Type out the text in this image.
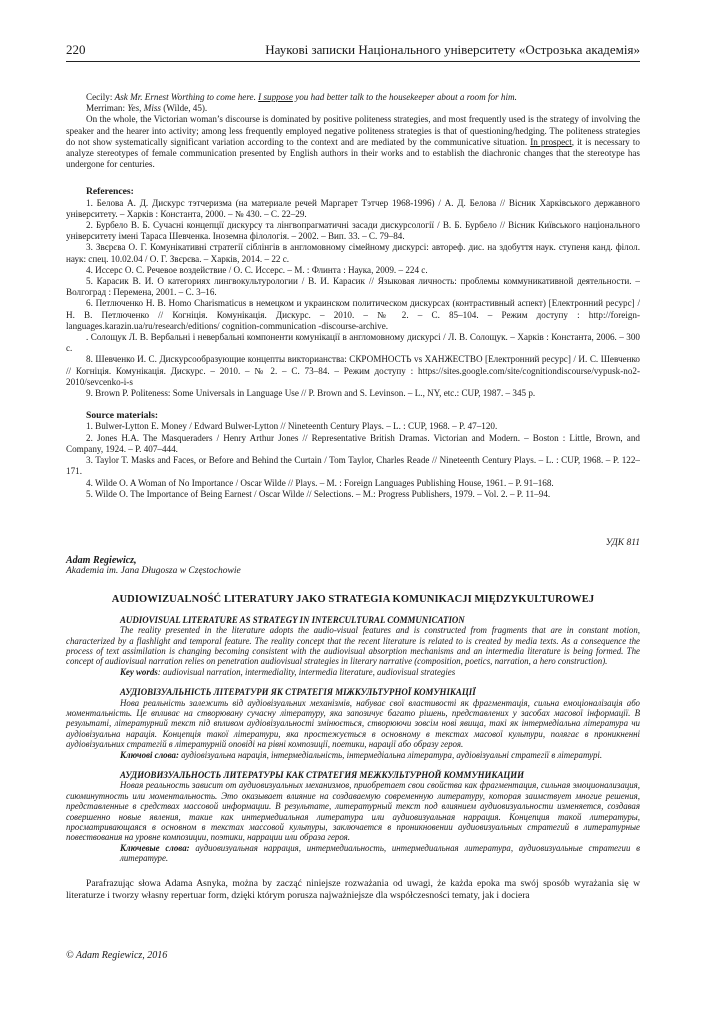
220	Наукові записки Національного університету «Острозька академія»
Cecily: Ask Mr. Ernest Worthing to come here. I suppose you had better talk to the housekeeper about a room for him.
Merriman: Yes, Miss (Wilde, 45).
On the whole, the Victorian woman’s discourse is dominated by positive politeness strategies, and most frequently used is the strategy of involving the speaker and the hearer into activity; among less frequently employed negative politeness strategies is that of questioning/hedging. The politeness strategies do not show systematically significant variation according to the context and are mediated by the communicative situation. In prospect, it is necessary to analyze stereotypes of female communication presented by English authors in their works and to establish the diachronic changes that the stereotype has undergone for centuries.
References:

1. Белова А. Д. Дискурс тэтчеризма (на материале речей Маргарет Тэтчер 1968-1996) / А. Д. Белова // Вісник Харківського державного університету. – Харків : Константа, 2000. – № 430. – С. 22–29.

2. Бурбело В. Б. Сучасні концепції дискурсу та лінгвопрагматичні засади дискурсології / В. Б. Бурбело // Вісник Київського національного університету імені Тараса Шевченка. Іноземна філологія. – 2002. – Вип. 33. – С. 79–84.

3. Звєрєва О. Г. Комунікативні стратегії сіблінгів в англомовному сімейному дискурсі: автореф. дис. на здобуття наук. ступеня канд. філол. наук: спец. 10.02.04 / О. Г. Звєрєва. – Харків, 2014. – 22 с.

4. Иссерс О. С. Речевое воздействие / О. С. Иссерс. – М. : Флинта : Наука, 2009. – 224 с.

5. Карасик В. И. О категориях лингвокультурологии / В. И. Карасик // Языковая личность: проблемы коммуникативной деятельности. – Волгоград : Перемена, 2001. – С. 3–16.

6. Петлюченко Н. В. Homo Charismaticus в немецком и украинском политическом дискурсах (контрастивный аспект) [Електронний ресурс] / Н. В. Петлюченко // Когніція. Комунікація. Дискурс. – 2010. – № 2. – С. 85–104. – Режим доступу : http://foreign-languages.karazin.ua/ru/research/editions/ cognition-communication -discourse-archive.

. Солощук Л. В. Вербальні і невербальні компоненти комунікації в англомовному дискурсі / Л. В. Солощук. – Харків : Константа, 2006. – 300 с.

8. Шевченко И. С. Дискурсообразующие концепты викторианства: СКРОМНОСТЬ vs ХАНЖЕСТВО [Електронний ресурс] / И. С. Шевченко // Когніція. Комунікація. Дискурс. – 2010. – № 2. – С. 73–84. – Режим доступу : https://sites.google.com/site/cognitiondiscourse/vypusk-no2-2010/sevcenko-i-s

9. Brown P. Politeness: Some Universals in Language Use // P. Brown and S. Levinson. – L., NY, etc.: CUP, 1987. – 345 p.

Source materials:

1. Bulwer-Lytton E. Money / Edward Bulwer-Lytton // Nineteenth Century Plays. – L. : CUP, 1968. – P. 47–120.

2. Jones H.A. The Masqueraders / Henry Arthur Jones // Representative British Dramas. Victorian and Modern. – Boston : Little, Brown, and Company, 1924. – P. 407–444.

3. Taylor T. Masks and Faces, or Before and Behind the Curtain / Tom Taylor, Charles Reade // Nineteenth Century Plays. – L. : CUP, 1968. – P. 122–171.

4. Wilde O. A Woman of No Importance / Oscar Wilde // Plays. – M. : Foreign Languages Publishing House, 1961. – P. 91–168.

5. Wilde O. The Importance of Being Earnest / Oscar Wilde // Selections. – M.: Progress Publishers, 1979. – Vol. 2. – P. 11–94.

УДК 811
Adam Regiewicz,
Akademia im. Jana Długosza w Częstochowie
AUDIOWIZUALNOŚĆ LITERATURY JAKO STRATEGIA KOMUNIKACJI MIĘDZYKULTUROWEJ
AUDIOVISUAL LITERATURE AS STRATEGY IN INTERCULTURAL COMMUNICATION

The reality presented in the literature adopts the audio-visual features and is constructed from fragments that are in constant motion, characterized by a flashlight and temporal feature. The reality concept that the recent literature is related to is created by media texts. As a consequence the process of text assimilation is changing becoming consistent with the audiovisual absorption mechanisms and an intermedia literature is being formed. The concept of audiovisual narration relies on penetration audiovisual strategies in literary narrative (composition, poetics, narration, a hero construction).

Key words: audiovisual narration, intermediality, intermedia literature, audiovisual strategies

АУДІОВІЗУАЛЬНІСТЬ ЛІТЕРАТУРИ ЯК СТРАТЕГІЯ МІЖКУЛЬТУРНОЇ КОМУНІКАЦІЇ

Нова реальність залежить від аудіовізуальних механізмів, набуває свої властивості як фрагментація, сильна емоціоналізація або моментальність. Це впливає на створювану сучасну літературу, яка запозичує багато рішень, представлених у засобах масової інформації. В результаті, літературний текст під впливом аудіовізуальності змінюється, створюючи зовсім нові явища, такі як інтермедіальна література чи аудіовізуальна нарація. Концепція такої літератури, яка простежується в основному в текстах масової культури, полягає в проникненні аудіовізуальних стратегій в літературній оповіді на рівні композиції, поетики, нарації або образу героя.

Ключові слова: аудіовізуальна нарація, інтермедіальність, інтермедіальна література, аудіовізуальні стратегії в літературі.

АУДИОВИЗУАЛЬНОСТЬ ЛИТЕРАТУРЫ КАК СТРАТЕГИЯ МЕЖКУЛЬТУРНОЙ КОММУНИКАЦИИ

Новая реальность зависит от аудиовизуальных механизмов, приобретает свои свойства как фрагментация, сильная эмоционализация, сиюминутность или моментальность. Это оказывает влияние на создаваемую современную литературу, которая заимствует многие решения, представленные в средствах массовой информации. В результате, литературный текст под влиянием аудиовизуальности изменяется, создавая совершенно новые явления, такие как интермедиальная литература или аудиовизуальная наррация. Концепция такой литературы, просматривающаяся в основном в текстах массовой культуры, заключается в проникновении аудиовизуальных стратегий в литературные повествования на уровне композиции, поэтики, наррации или образа героя.

Ключевые слова: аудиовизуальная наррация, интермедиальность, интермедиальная литература, аудиовизуальные стратегии в литературе.

Parafrazując słowa Adama Asnyka, można by zacząć niniejsze rozważania od uwagi, że każda epoka ma swój sposób wyrażania się w literaturze i tworzy własny repertuar form, dzięki którym porusza najważniejsze dla współczesności tematy, jak i dociera
© Adam Regiewicz, 2016
